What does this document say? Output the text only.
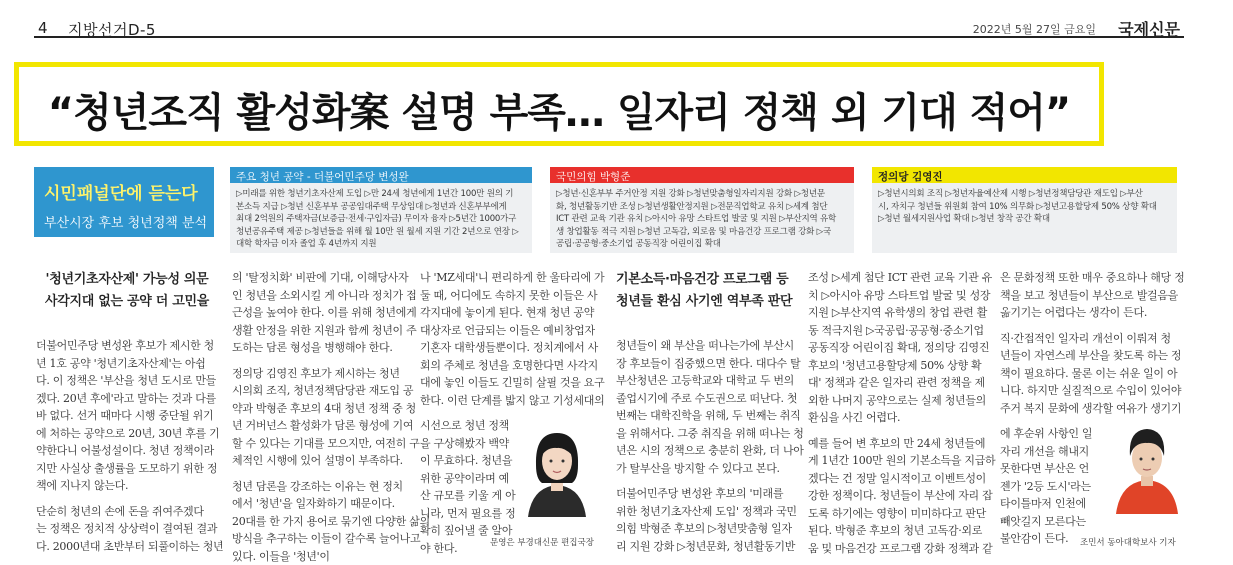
4 지방선거D-5	2022년 5월 27일 금요일 국제신문
“청년조직 활성화案 설명 부족… 일자리 정책 외 기대 적어”
시민패널단에 듣는다
부산시장 후보 청년정책 분석
주요 청년 공약 - 더불어민주당 변성완
▷미래를 위한 청년기초자산제 도입 ▷만 24세 청년에게 1년간 100만 원의 기
본소득 지급 ▷청년 신혼부부 공공임대주택 무상임대 ▷청년과 신혼부부에게
최대 2억원의 주택자금(보증금·전세·구입자금) 무이자 융자 ▷5년간 1000가구
청년공유주택 제공 ▷청년들을 위해 월 10만 원 월세 지원 기간 2년으로 연장 ▷
대학 학자금 이자 졸업 후 4년까지 지원
국민의힘 박형준
▷청년·신혼부부 주거안정 지원 강화 ▷청년맞춤형일자리지원 강화 ▷청년문
화, 청년활동기반 조성 ▷청년생활안정지원 ▷전문직업학교 유치 ▷세계 첨단
ICT 관련 교육 기관 유치 ▷아시아 유망 스타트업 발굴 및 지원 ▷부산지역 유학
생 창업활동 적극 지원 ▷청년 고독감, 외로움 및 마음건강 프로그램 강화 ▷국
공립·공공형·중소기업 공동직장 어린이집 확대
정의당 김영진
▷청년시의회 조직 ▷청년자율예산제 시행 ▷청년정책담당관 재도입 ▷부산
시, 자치구 청년들 위원회 참여 10% 의무화 ▷청년고용할당제 50% 상향 확대
▷청년 월세지원사업 확대 ▷청년 창작 공간 확대
'청년기초자산제' 가능성 의문
사각지대 없는 공약 더 고민을

더불어민주당 변성완 후보가 제시한 청

년 1호 공약 '청년기초자산제'는 아쉽

다. 이 정책은 '부산을 청년 도시로 만들

겠다. 20년 후에'라고 말하는 것과 다를

바 없다. 선거 때마다 시행 중단될 위기

에 처하는 공약으로 20년, 30년 후를 기

약한다니 어불성설이다. 청년 정책이라

지만 사실상 출생률을 도모하기 위한 정

책에 지나지 않는다.

단순히 청년의 손에 돈을 쥐여주겠다

는 정책은 정치적 상상력이 결여된 결과

다. 2000년대 초반부터 되풀이하는 청년

의 '탈정치화' 비판에 기대, 이해당사자

인 청년을 소외시킬 게 아니라 정치가 접

근성을 높여야 한다. 이를 위해 청년에게

생활 안정을 위한 지원과 함께 청년이 주

도하는 담론 형성을 병행해야 한다.

정의당 김영진 후보가 제시하는 청년

시의회 조직, 청년정책담당관 재도입 공

약과 박형준 후보의 4대 청년 정책 중 청

년 거버넌스 활성화가 담론 형성에 기여

할 수 있다는 기대를 모으지만, 여전히 구

체적인 시행에 있어 설명이 부족하다.

청년 담론을 강조하는 이유는 현 정치

에서 '청년'을 일자화하기 때문이다.

20대를 한 가지 용어로 묶기엔 다양한 삶의

방식을 추구하는 이들이 갈수록 늘어나고

있다. 이들을 '청년'이

나 'MZ세대'니 편리하게 한 울타리에 가

둘 때, 어디에도 속하지 못한 이들은 사

각지대에 놓이게 된다. 현재 청년 공약

대상자로 언급되는 이들은 예비창업자

기혼자 대학생들뿐이다. 정치계에서 사

회의 주체로 청년을 호명한다면 사각지

대에 놓인 이들도 긴밀히 살필 것을 요구

한다. 이런 단계를 밟지 않고 기성세대의

시선으로 청년 정책

을 구상해봤자 백약

이 무효하다. 청년을

위한 공약이라며 예

산 규모를 키울 게 아

니라, 먼저 필요를 정

확히 짚어낼 줄 알아

야 한다.

기본소득·마음건강 프로그램 등
청년들 환심 사기엔 역부족 판단

청년들이 왜 부산을 떠나는가에 부산시

장 후보들이 집중했으면 한다. 대다수 탈

부산청년은 고등학교와 대학교 두 번의

졸업시기에 주로 수도권으로 떠난다. 첫

번째는 대학진학을 위해, 두 번째는 취직

을 위해서다. 그중 취직을 위해 떠나는 청

년은 시의 정책으로 충분히 완화, 더 나아

가 탈부산을 방지할 수 있다고 본다.

더불어민주당 변성완 후보의 '미래를

위한 청년기초자산제 도입' 정책과 국민

의힘 박형준 후보의 ▷청년맞춤형 일자

리 지원 강화 ▷청년문화, 청년활동기반

조성 ▷세계 첨단 ICT 관련 교육 기관 유

치 ▷아시아 유망 스타트업 발굴 및 성장

지원 ▷부산지역 유학생의 창업 관련 활

동 적극지원 ▷국공립·공공형·중소기업

공동직장 어린이집 확대, 정의당 김영진

후보의 '청년고용할당제 50% 상향 확

대' 정책과 같은 일자리 관련 정책을 제

외한 나머지 공약으로는 실제 청년들의

환심을 사긴 어렵다.

예를 들어 변 후보의 만 24세 청년들에

게 1년간 100만 원의 기본소득을 지급하

겠다는 건 정말 일시적이고 이벤트성이

강한 정책이다. 청년들이 부산에 자리 잡

도록 하기에는 영향이 미미하다고 판단

된다. 박형준 후보의 청년 고독감·외로

움 및 마음건강 프로그램 강화 정책과 같

은 문화정책 또한 매우 중요하나 해당 정

책을 보고 청년들이 부산으로 발걸음을

옮기기는 어렵다는 생각이 든다.

직·간접적인 일자리 개선이 이뤄져 청

년들이 자연스레 부산을 찾도록 하는 정

책이 필요하다. 물론 이는 쉬운 일이 아

니다. 하지만 실질적으로 수입이 있어야

주거 복지 문화에 생각할 여유가 생기기

에 후순위 사항인 일

자리 개선을 해내지

못한다면 부산은 언

젠가 '2등 도시'라는

타이틀마저 인천에

빼앗길지 모른다는

불안감이 든다.

문영은 부경대신문 편집국장	조민서 동아대학보사 기자
